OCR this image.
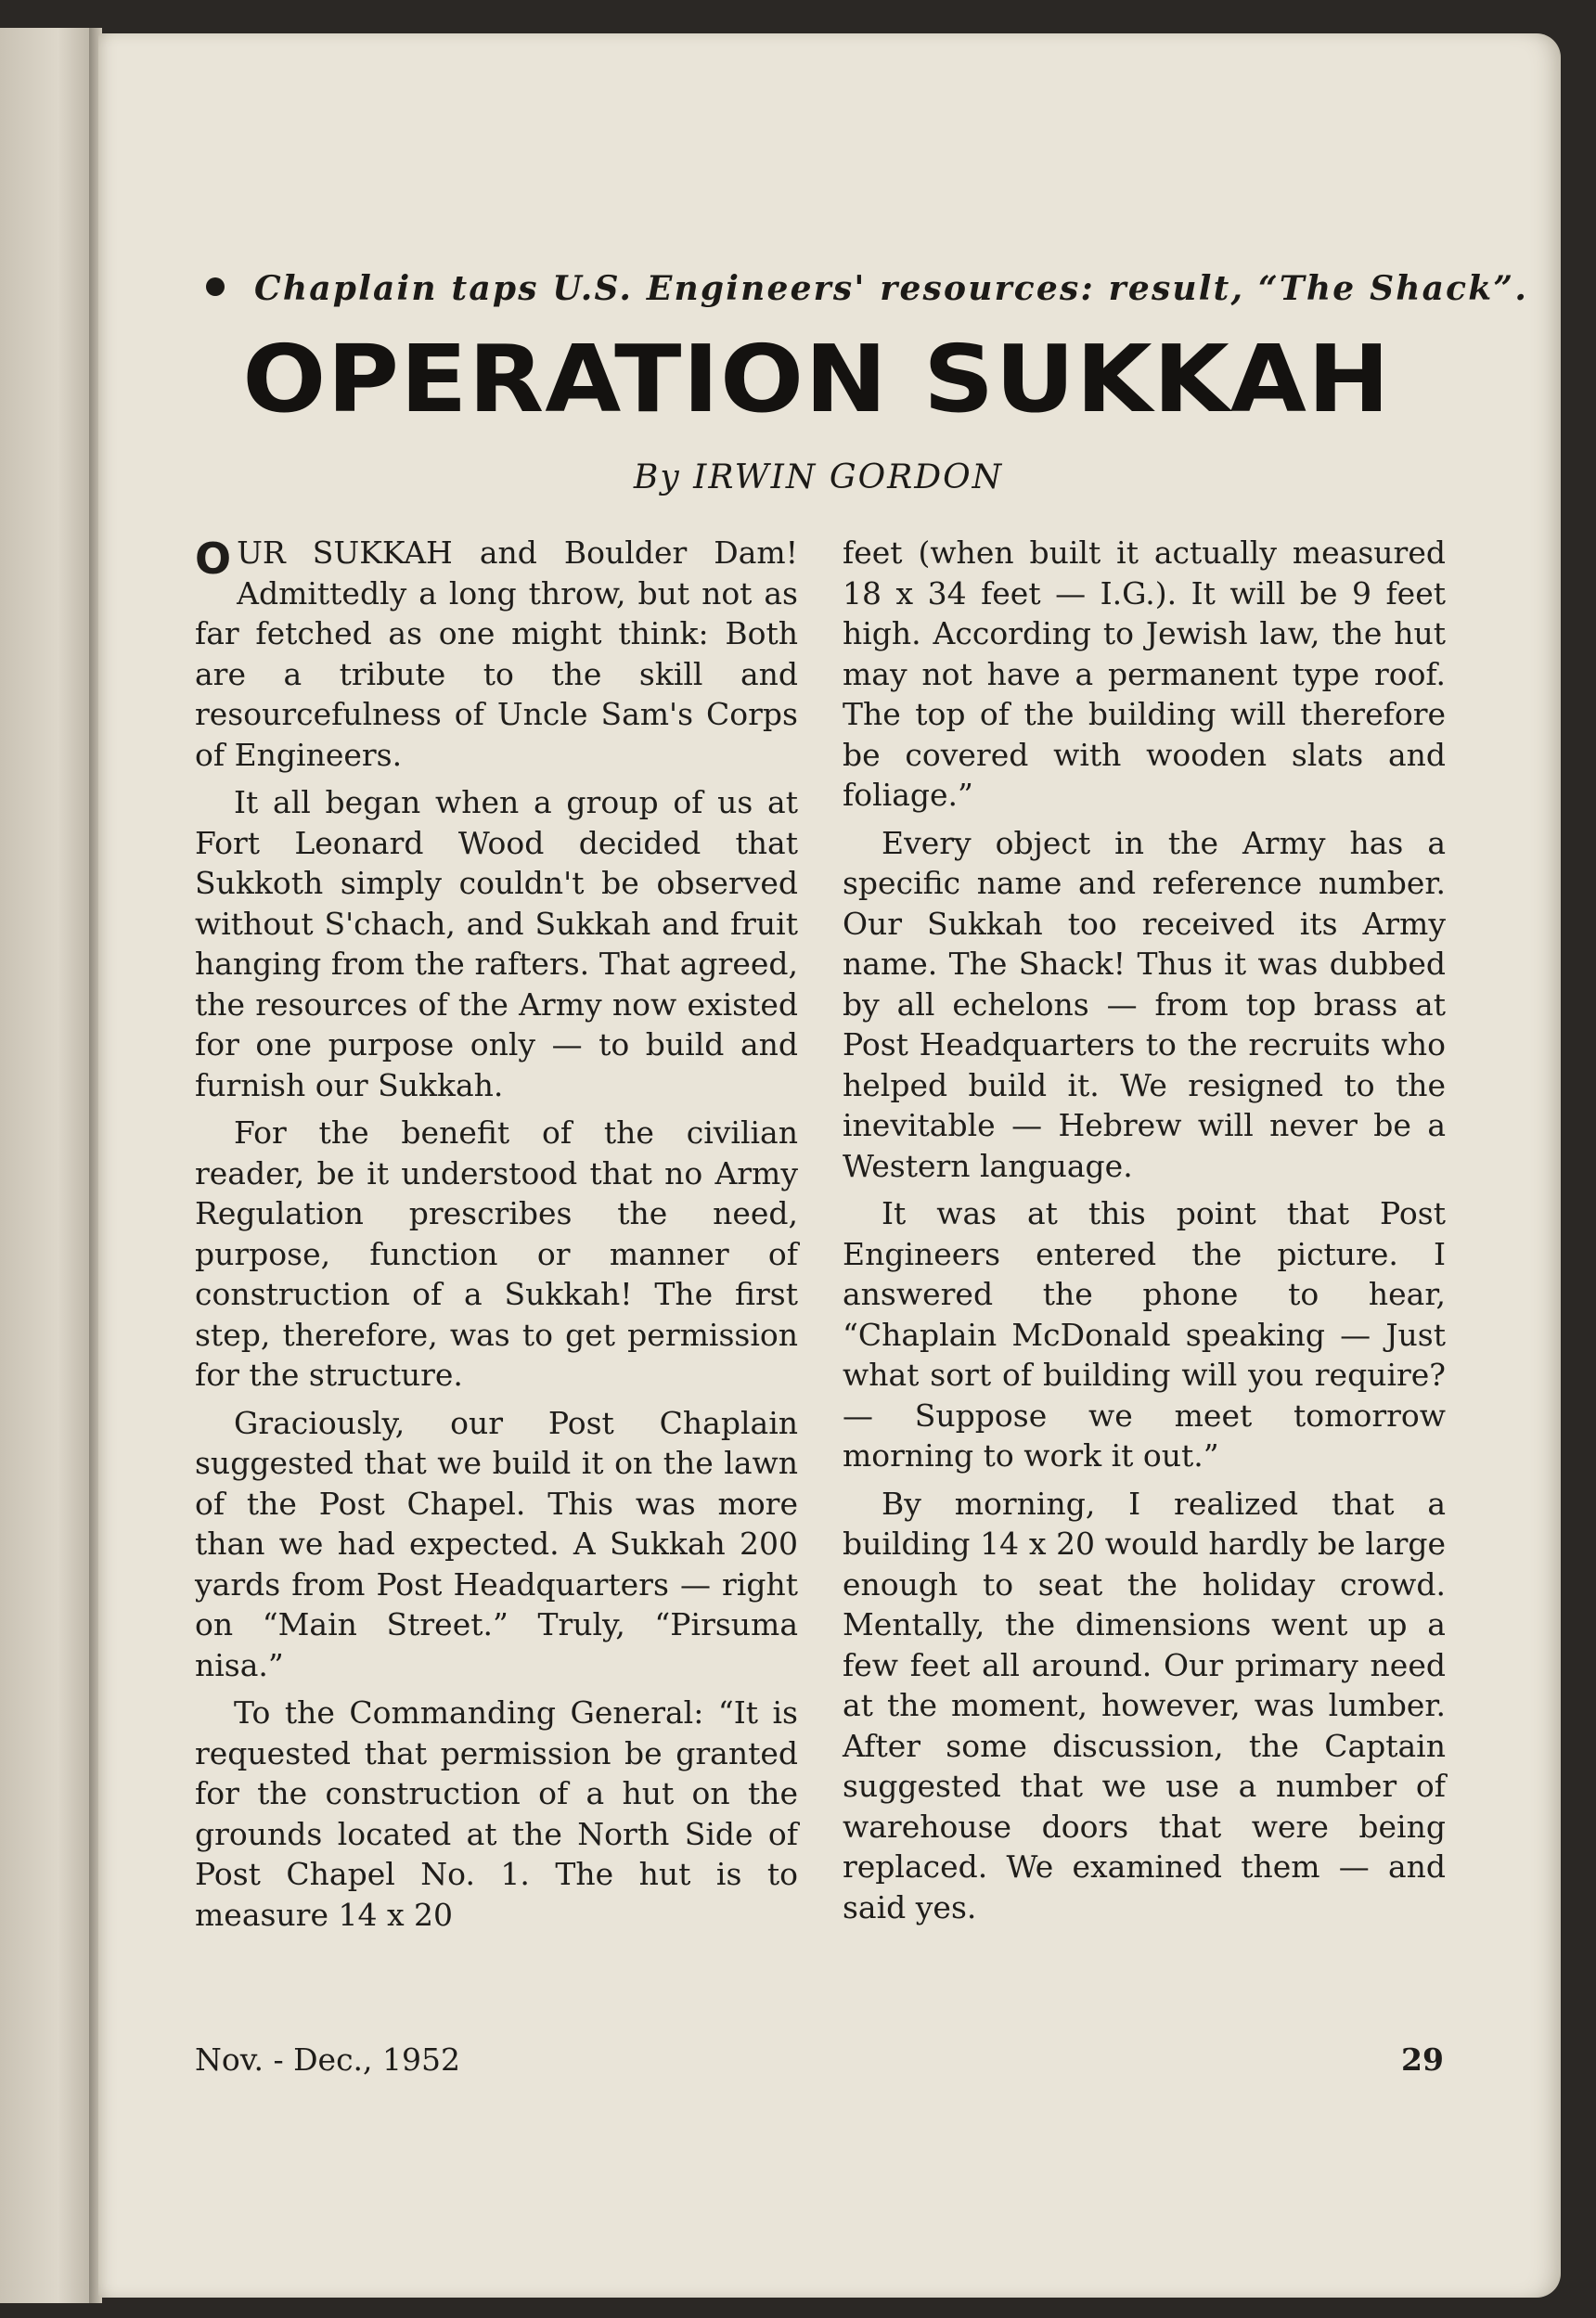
Chaplain taps U.S. Engineers' resources: result, “The Shack”.
OPERATION SUKKAH
By IRWIN GORDON

O UR SUKKAH and Boulder Dam! Admittedly a long throw, but not as far fetched as one might think: Both are a tribute to the skill and resourcefulness of Uncle Sam's Corps of Engineers.

It all began when a group of us at Fort Leonard Wood decided that Sukkoth simply couldn't be observed without S'chach, and Sukkah and fruit hanging from the rafters. That agreed, the resources of the Army now existed for one purpose only — to build and furnish our Sukkah.

For the benefit of the civilian reader, be it understood that no Army Regulation prescribes the need, purpose, function or manner of construction of a Sukkah! The first step, therefore, was to get permission for the structure.

Graciously, our Post Chaplain suggested that we build it on the lawn of the Post Chapel. This was more than we had expected. A Sukkah 200 yards from Post Headquarters — right on “Main Street.” Truly, “Pirsuma nisa.”

To the Commanding General: “It is requested that permission be granted for the construction of a hut on the grounds located at the North Side of Post Chapel No. 1. The hut is to measure 14 x 20

feet (when built it actually measured 18 x 34 feet — I.G.). It will be 9 feet high. According to Jewish law, the hut may not have a permanent type roof. The top of the building will therefore be covered with wooden slats and foliage.”

Every object in the Army has a specific name and reference number. Our Sukkah too received its Army name. The Shack! Thus it was dubbed by all echelons — from top brass at Post Headquarters to the recruits who helped build it. We resigned to the inevitable — Hebrew will never be a Western language.

It was at this point that Post Engineers entered the picture. I answered the phone to hear, “Chaplain McDonald speaking — Just what sort of building will you require? — Suppose we meet tomorrow morning to work it out.”

By morning, I realized that a building 14 x 20 would hardly be large enough to seat the holiday crowd. Mentally, the dimensions went up a few feet all around. Our primary need at the moment, however, was lumber. After some discussion, the Captain suggested that we use a number of warehouse doors that were being replaced. We examined them — and said yes.

Nov. - Dec., 1952	29
